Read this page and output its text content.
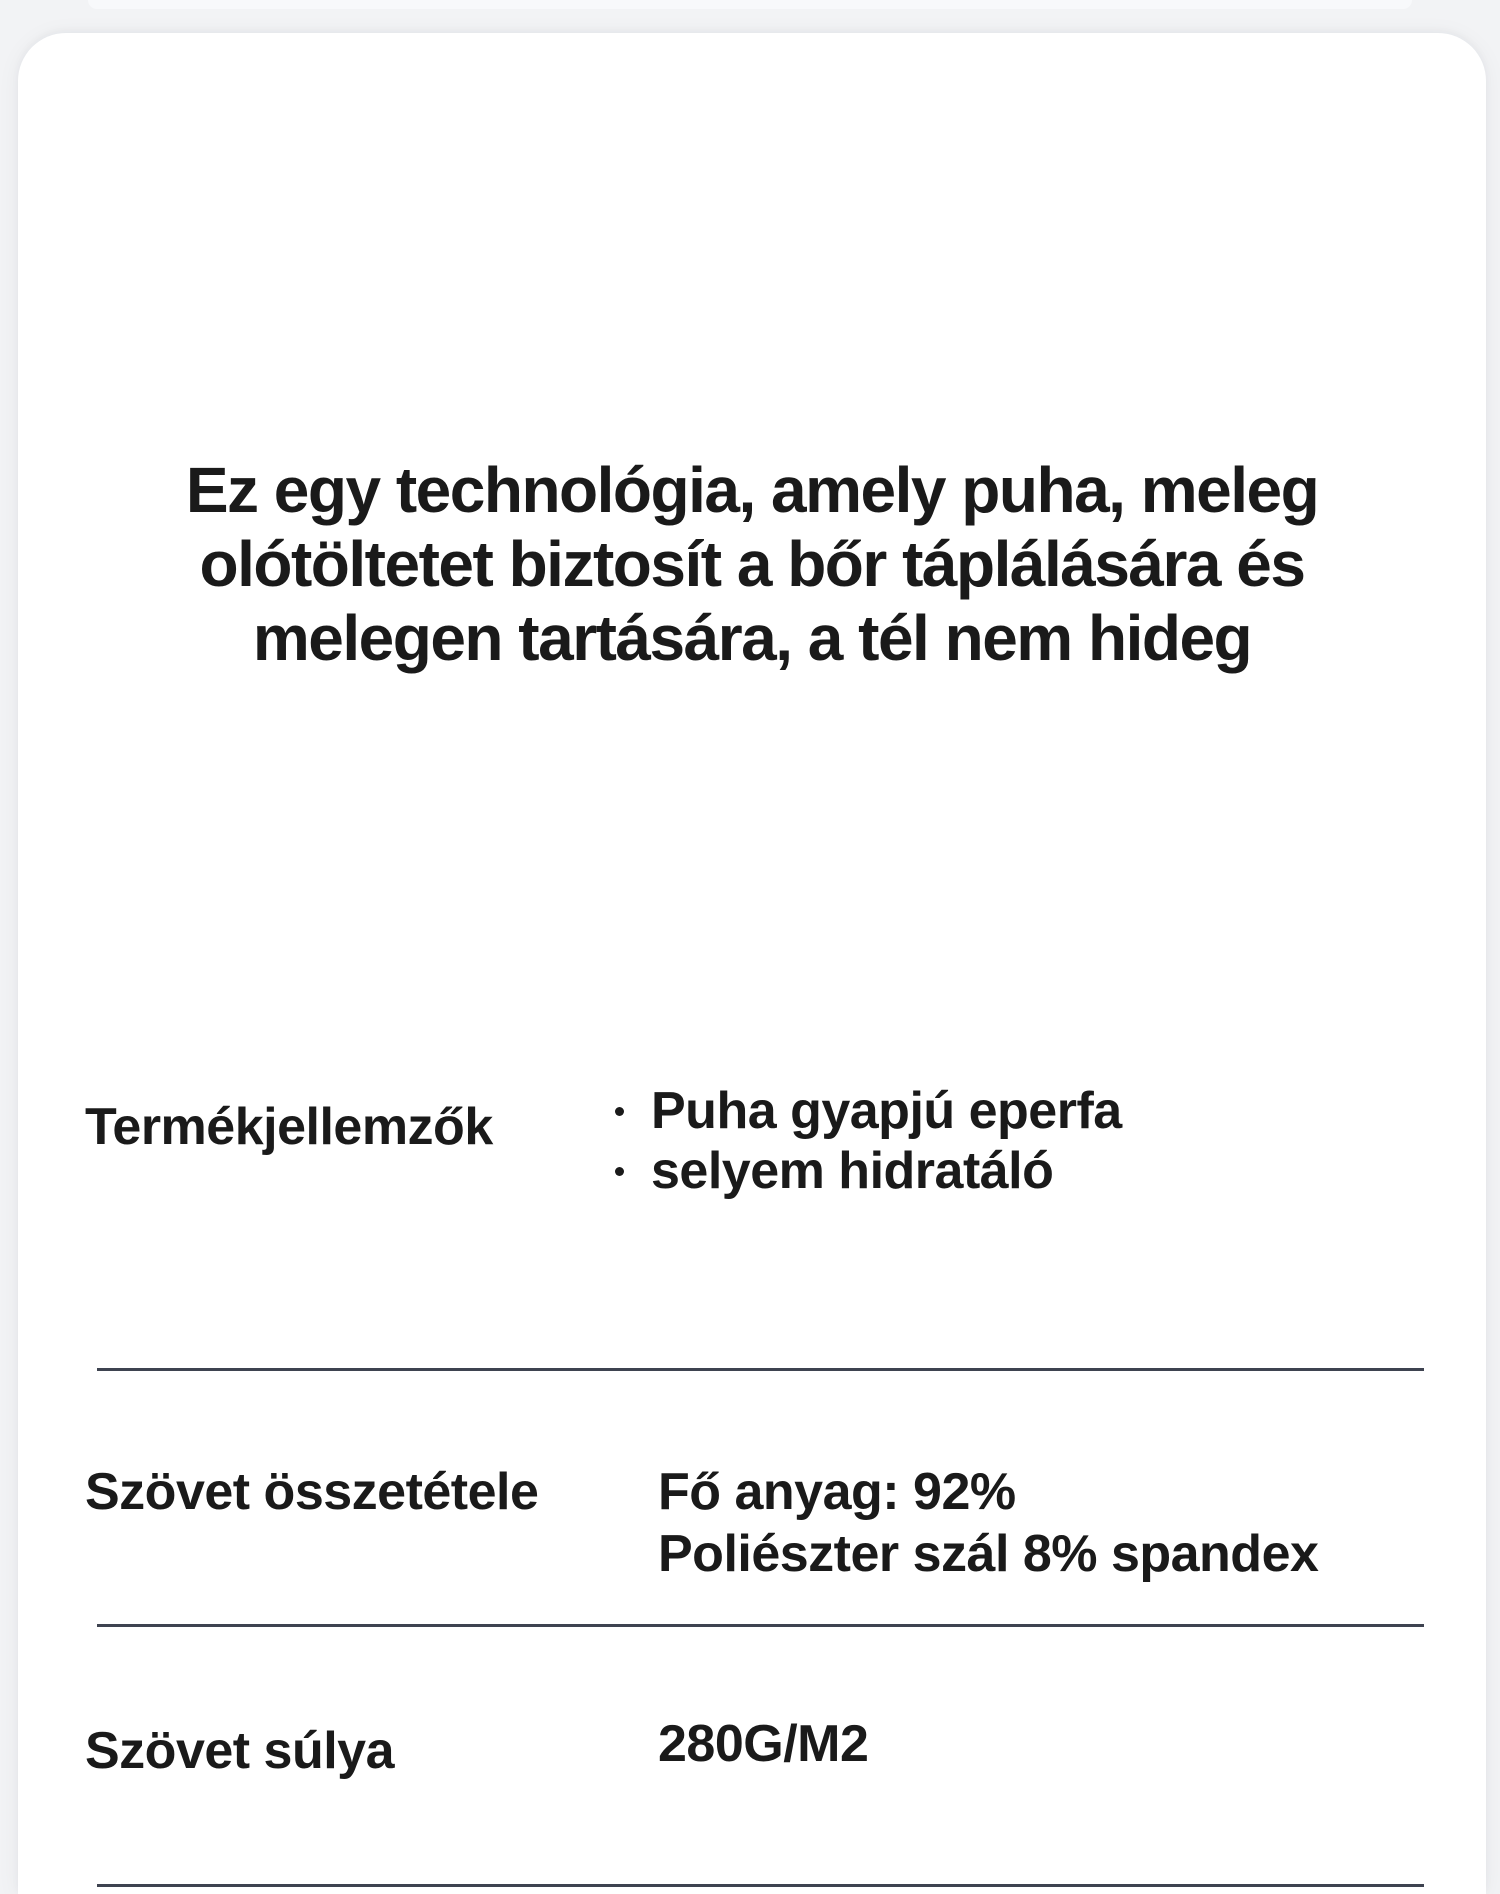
Ez egy technológia, amely puha, meleg
olótöltetet biztosít a bőr táplálására és
melegen tartására, a tél nem hideg
Termékjellemzők	Puha gyapjú eperfa
selyem hidratáló
Szövet összetétele Fő anyag: 92%
Poliészter szál 8% spandex
Szövet súlya	280G/M2
